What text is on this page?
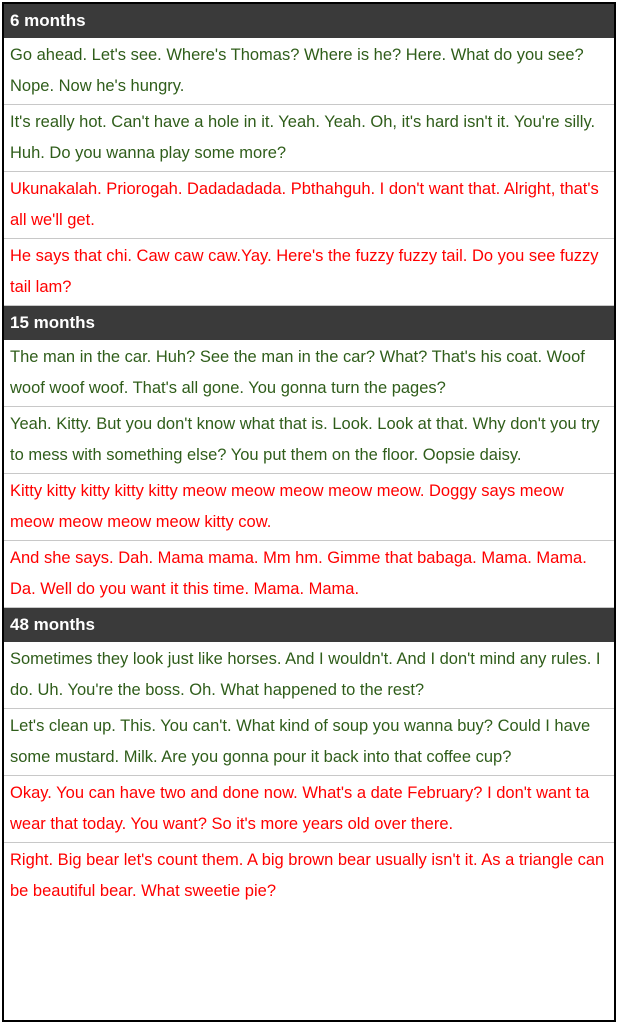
6 months
Go ahead. Let's see. Where's Thomas? Where is he? Here. What do you see? Nope. Now he's hungry.
It's really hot. Can't have a hole in it. Yeah. Yeah. Oh, it's hard isn't it. You're silly. Huh. Do you wanna play some more?
Ukunakalah. Priorogah. Dadadadada. Pbthahguh. I don't want that. Alright, that's all we'll get.
He says that chi. Caw caw caw.Yay. Here's the fuzzy fuzzy tail. Do you see fuzzy tail lam?
15 months
The man in the car. Huh? See the man in the car? What? That's his coat. Woof woof woof woof. That's all gone. You gonna turn the pages?
Yeah. Kitty. But you don't know what that is. Look. Look at that. Why don't you try to mess with something else? You put them on the floor. Oopsie daisy.
Kitty kitty kitty kitty kitty meow meow meow meow meow. Doggy says meow meow meow meow meow kitty cow.
And she says. Dah. Mama mama. Mm hm. Gimme that babaga. Mama. Mama. Da. Well do you want it this time. Mama. Mama.
48 months
Sometimes they look just like horses. And I wouldn't. And I don't mind any rules. I do. Uh. You're the boss. Oh. What happened to the rest?
Let's clean up. This. You can't. What kind of soup you wanna buy? Could I have some mustard. Milk. Are you gonna pour it back into that coffee cup?
Okay. You can have two and done now. What's a date February? I don't want ta wear that today. You want? So it's more years old over there.
Right. Big bear let's count them. A big brown bear usually isn't it. As a triangle can be beautiful bear. What sweetie pie?
